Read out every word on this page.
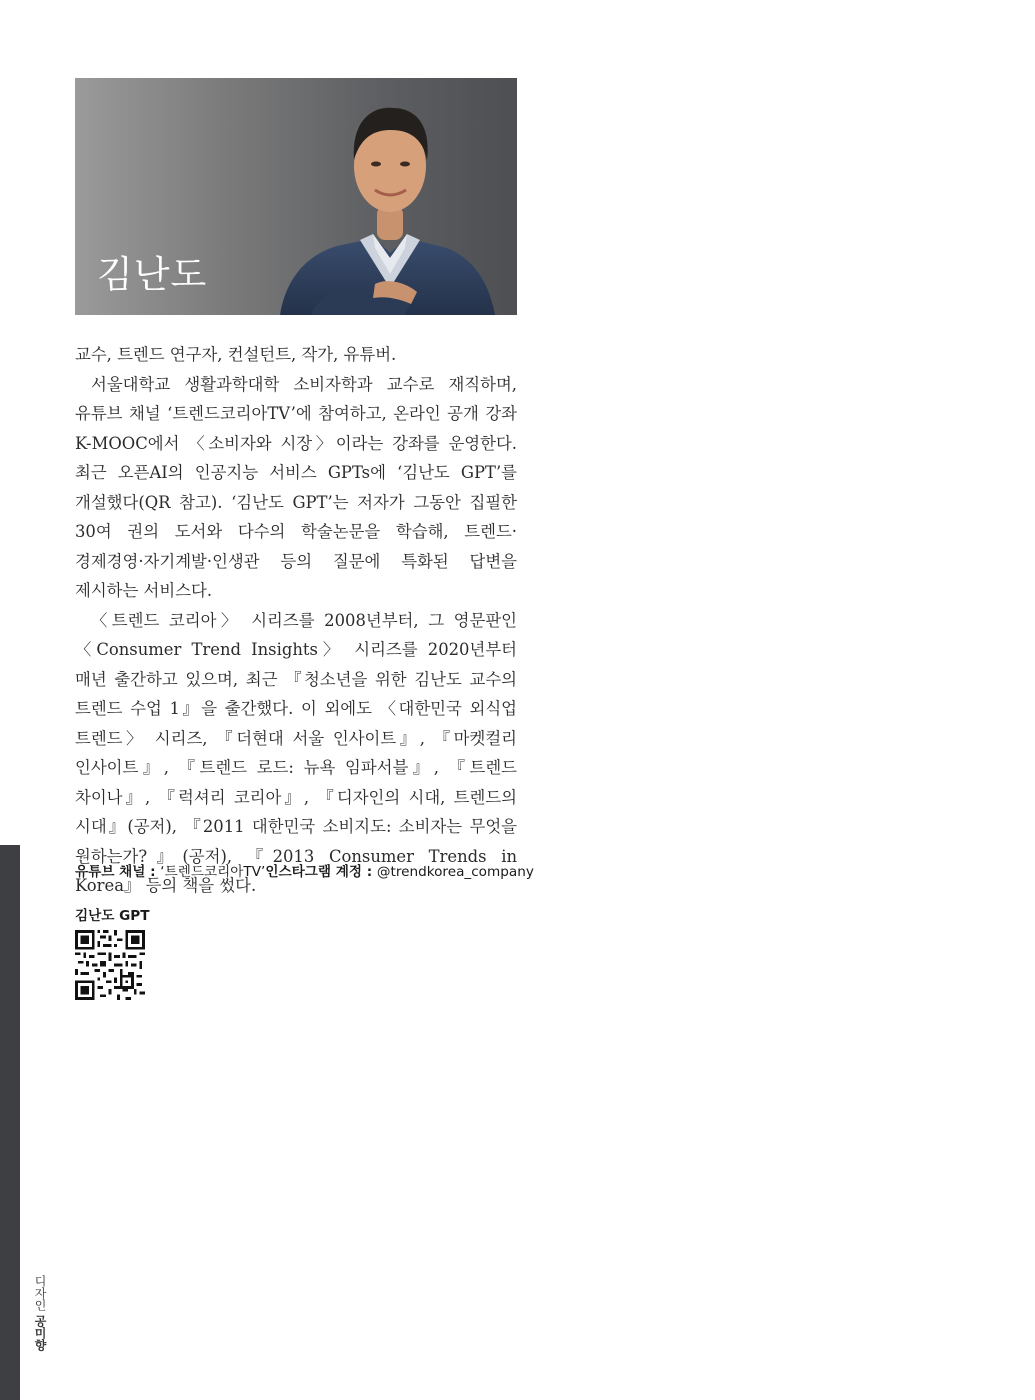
김난도

교수, 트렌드 연구자, 컨설턴트, 작가, 유튜버.

서울대학교 생활과학대학 소비자학과 교수로 재직하며, 유튜브 채널 ‘트렌드코리아TV’에 참여하고, 온라인 공개 강좌 K-MOOC에서 〈소비자와 시장〉이라는 강좌를 운영한다. 최근 오픈AI의 인공지능 서비스 GPTs에 ‘김난도 GPT’를 개설했다(QR 참고). ‘김난도 GPT’는 저자가 그동안 집필한 30여 권의 도서와 다수의 학술논문을 학습해, 트렌드·경제경영·자기계발·인생관 등의 질문에 특화된 답변을 제시하는 서비스다.

〈트렌드 코리아〉 시리즈를 2008년부터, 그 영문판인 〈Consumer Trend Insights〉 시리즈를 2020년부터 매년 출간하고 있으며, 최근 『청소년을 위한 김난도 교수의 트렌드 수업 1』을 출간했다. 이 외에도 〈대한민국 외식업 트렌드〉 시리즈, 『더현대 서울 인사이트』, 『마켓컬리 인사이트』, 『트렌드 로드: 뉴욕 임파서블』, 『트렌드 차이나』, 『럭셔리 코리아』, 『디자인의 시대, 트렌드의 시대』(공저), 『2011 대한민국 소비지도: 소비자는 무엇을 원하는가?』(공저), 『2013 Consumer Trends in Korea』 등의 책을 썼다.

유튜브 채널 : ‘트렌드코리아TV’ 인스타그램 계정 : @trendkorea_company
김난도 GPT
디자인 공미향
